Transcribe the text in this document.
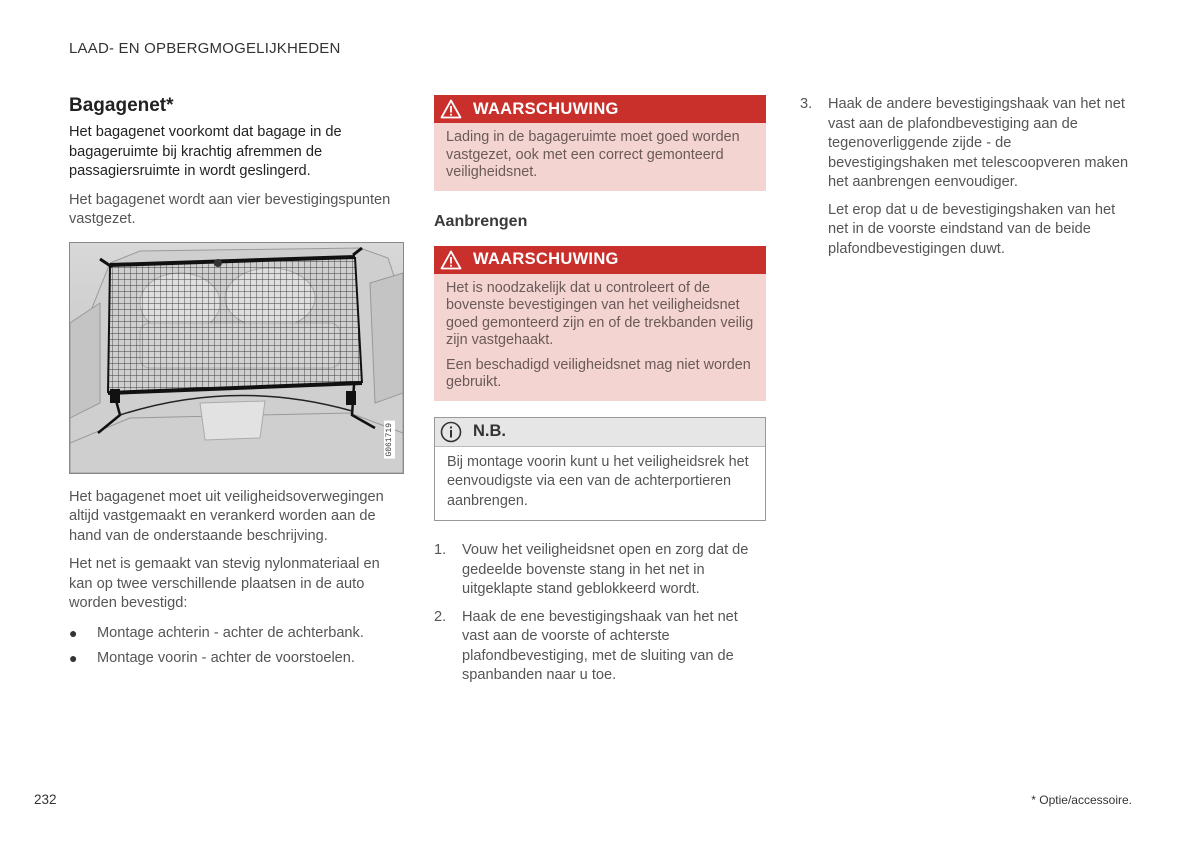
LAAD- EN OPBERGMOGELIJKHEDEN
Bagagenet*

Het bagagenet voorkomt dat bagage in de bagageruimte bij krachtig afremmen de passagiersruimte in wordt geslingerd.

Het bagagenet wordt aan vier bevestigingspunten vastgezet.

G061719

Het bagagenet moet uit veiligheidsoverwegingen altijd vastgemaakt en verankerd worden aan de hand van de onderstaande beschrijving.

Het net is gemaakt van stevig nylonmateriaal en kan op twee verschillende plaatsen in de auto worden bevestigd:

●	Montage achterin - achter de achterbank.
●	Montage voorin - achter de voorstoelen.
WAARSCHUWING

Lading in de bagageruimte moet goed worden vastgezet, ook met een correct gemonteerd veiligheidsnet.

Aanbrengen
WAARSCHUWING

Het is noodzakelijk dat u controleert of de bovenste bevestigingen van het veiligheidsnet goed gemonteerd zijn en of de trekbanden veilig zijn vastgehaakt.

Een beschadigd veiligheidsnet mag niet worden gebruikt.

N.B.

Bij montage voorin kunt u het veiligheidsrek het eenvoudigste via een van de achterportieren aanbrengen.

1.	Vouw het veiligheidsnet open en zorg dat de gedeelde bovenste stang in het net in uitgeklapte stand geblokkeerd wordt.
2.	Haak de ene bevestigingshaak van het net vast aan de voorste of achterste plafondbevestiging, met de sluiting van de spanbanden naar u toe.
3.	Haak de andere bevestigingshaak van het net vast aan de plafondbevestiging aan de tegenoverliggende zijde - de bevestigingshaken met telescoopveren maken het aanbrengen eenvoudiger.

Let erop dat u de bevestigingshaken van het net in de voorste eindstand van de beide plafondbevestigingen duwt.

232	* Optie/accessoire.
